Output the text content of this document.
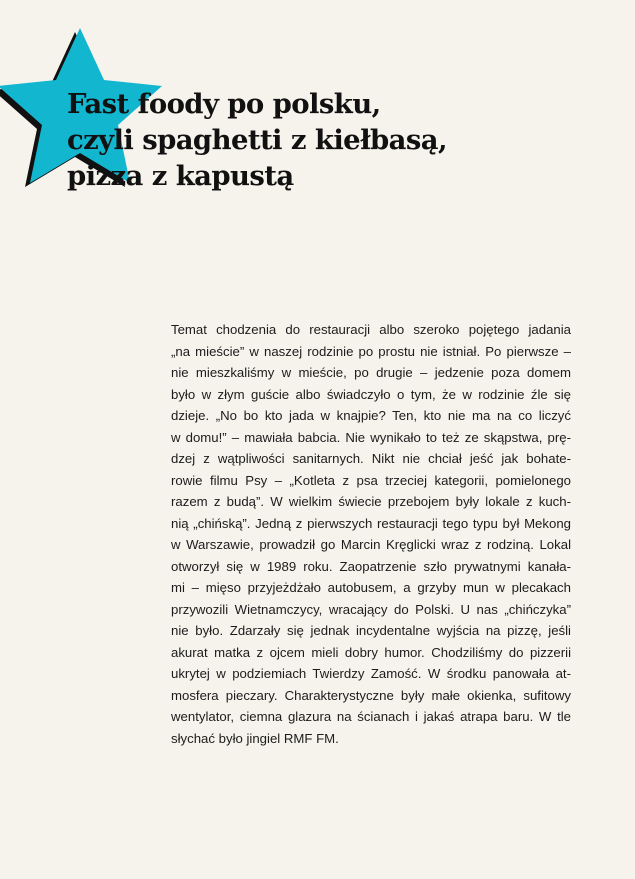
Fast foody po polsku,
czyli spaghetti z kiełbasą,
pizza z kapustą
Temat chodzenia do restauracji albo szeroko pojętego jadania
„na mieście” w naszej rodzinie po prostu nie istniał. Po pierwsze –
nie mieszkaliśmy w mieście, po drugie – jedzenie poza domem
było w złym guście albo świadczyło o tym, że w rodzinie źle się
dzieje. „No bo kto jada w knajpie? Ten, kto nie ma na co liczyć
w domu!” – mawiała babcia. Nie wynikało to też ze skąpstwa, prę-
dzej z wątpliwości sanitarnych. Nikt nie chciał jeść jak bohate-
rowie filmu Psy – „Kotleta z psa trzeciej kategorii, pomielonego
razem z budą”. W wielkim świecie przebojem były lokale z kuch-
nią „chińską”. Jedną z pierwszych restauracji tego typu był Mekong
w Warszawie, prowadził go Marcin Kręglicki wraz z rodziną. Lokal
otworzył się w 1989 roku. Zaopatrzenie szło prywatnymi kanała-
mi – mięso przyjeżdżało autobusem, a grzyby mun w plecakach
przywozili Wietnamczycy, wracający do Polski. U nas „chińczyka”
nie było. Zdarzały się jednak incydentalne wyjścia na pizzę, jeśli
akurat matka z ojcem mieli dobry humor. Chodziliśmy do pizzerii
ukrytej w podziemiach Twierdzy Zamość. W środku panowała at-
mosfera pieczary. Charakterystyczne były małe okienka, sufitowy
wentylator, ciemna glazura na ścianach i jakaś atrapa baru. W tle
słychać było jingiel RMF FM.
